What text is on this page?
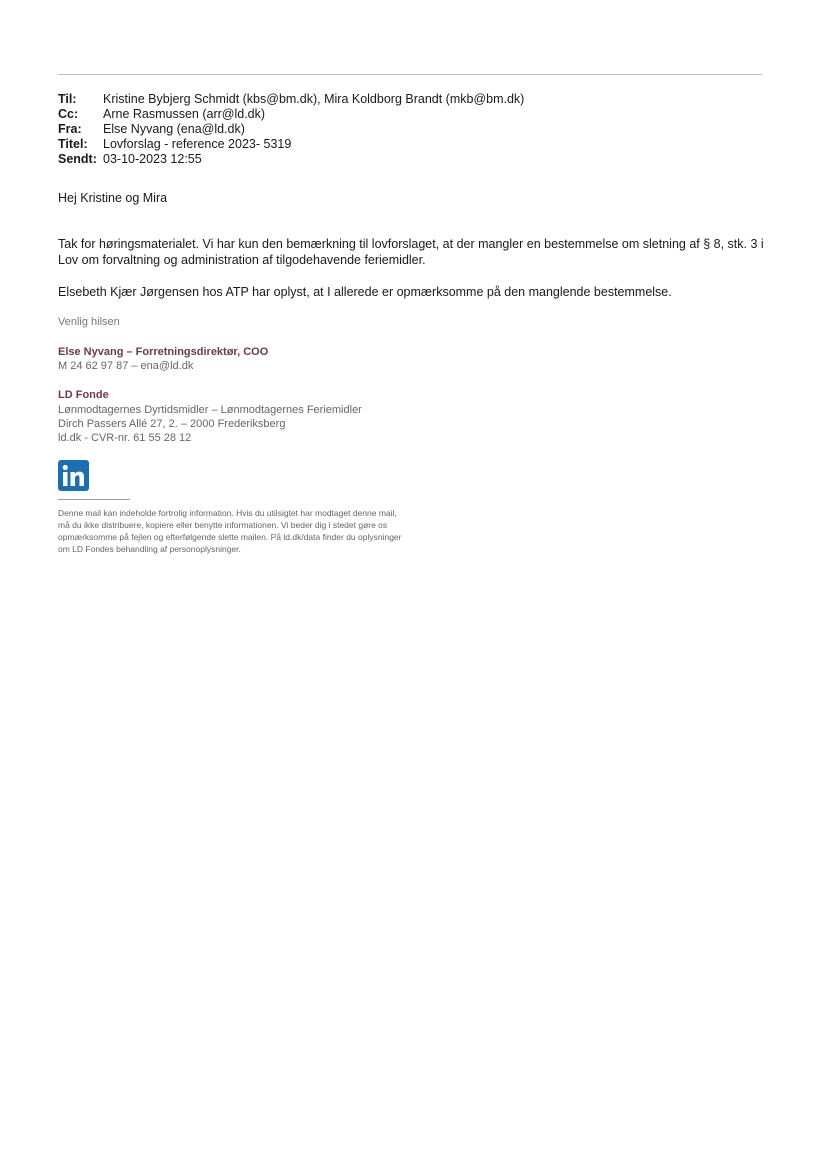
Til:	Kristine Bybjerg Schmidt (kbs@bm.dk), Mira Koldborg Brandt (mkb@bm.dk)
Cc:	Arne Rasmussen (arr@ld.dk)
Fra:	Else Nyvang (ena@ld.dk)
Titel:	Lovforslag - reference 2023- 5319
Sendt: 03-10-2023 12:55
Hej Kristine og Mira
Tak for høringsmaterialet. Vi har kun den bemærkning til lovforslaget, at der mangler en bestemmelse om sletning af § 8, stk. 3 i Lov om forvaltning og administration af tilgodehavende feriemidler.
Elsebeth Kjær Jørgensen hos ATP har oplyst, at I allerede er opmærksomme på den manglende bestemmelse.
Venlig hilsen
Else Nyvang – Forretningsdirektør, COO
M 24 62 97 87 – ena@ld.dk
LD Fonde
Lønmodtagernes Dyrtidsmidler – Lønmodtagernes Feriemidler
Dirch Passers Allé 27, 2. – 2000 Frederiksberg
ld.dk - CVR-nr. 61 55 28 12
Denne mail kan indeholde fortrolig information. Hvis du utilsigtet har modtaget denne mail,
må du ikke distribuere, kopiere eller benytte informationen. Vi beder dig i stedet gøre os
opmærksomme på fejlen og efterfølgende slette mailen. På ld.dk/data finder du oplysninger
om LD Fondes behandling af personoplysninger.
